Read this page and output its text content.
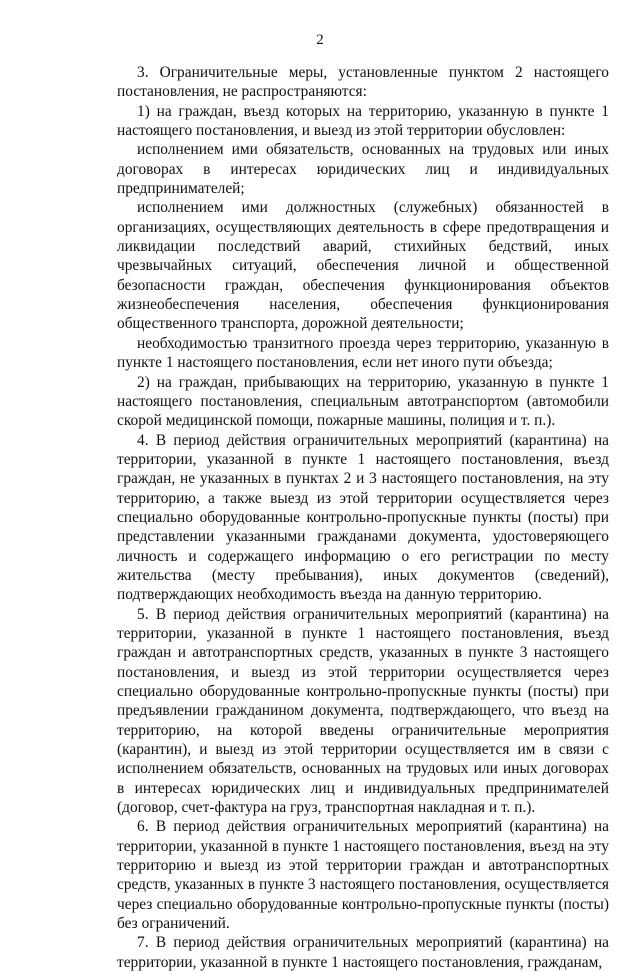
2

3. Ограничительные меры, установленные пунктом 2 настоящего постановления, не распространяются:

1) на граждан, въезд которых на территорию, указанную в пункте 1 настоящего постановления, и выезд из этой территории обусловлен:

исполнением ими обязательств, основанных на трудовых или иных договорах в интересах юридических лиц и индивидуальных предпринимателей;

исполнением ими должностных (служебных) обязанностей в организациях, осуществляющих деятельность в сфере предотвращения и ликвидации последствий аварий, стихийных бедствий, иных чрезвычайных ситуаций, обеспечения личной и общественной безопасности граждан, обеспечения функционирования объектов жизнеобеспечения населения, обеспечения функционирования общественного транспорта, дорожной деятельности;

необходимостью транзитного проезда через территорию, указанную в пункте 1 настоящего постановления, если нет иного пути объезда;

2) на граждан, прибывающих на территорию, указанную в пункте 1 настоящего постановления, специальным автотранспортом (автомобили скорой медицинской помощи, пожарные машины, полиция и т. п.).

4. В период действия ограничительных мероприятий (карантина) на территории, указанной в пункте 1 настоящего постановления, въезд граждан, не указанных в пунктах 2 и 3 настоящего постановления, на эту территорию, а также выезд из этой территории осуществляется через специально оборудованные контрольно-пропускные пункты (посты) при представлении указанными гражданами документа, удостоверяющего личность и содержащего информацию о его регистрации по месту жительства (месту пребывания), иных документов (сведений), подтверждающих необходимость въезда на данную территорию.

5. В период действия ограничительных мероприятий (карантина) на территории, указанной в пункте 1 настоящего постановления, въезд граждан и автотранспортных средств, указанных в пункте 3 настоящего постановления, и выезд из этой территории осуществляется через специально оборудованные контрольно-пропускные пункты (посты) при предъявлении гражданином документа, подтверждающего, что въезд на территорию, на которой введены ограничительные мероприятия (карантин), и выезд из этой территории осуществляется им в связи с исполнением обязательств, основанных на трудовых или иных договорах в интересах юридических лиц и индивидуальных предпринимателей (договор, счет-фактура на груз, транспортная накладная и т. п.).

6. В период действия ограничительных мероприятий (карантина) на территории, указанной в пункте 1 настоящего постановления, въезд на эту территорию и выезд из этой территории граждан и автотранспортных средств, указанных в пункте 3 настоящего постановления, осуществляется через специально оборудованные контрольно-пропускные пункты (посты) без ограничений.

7. В период действия ограничительных мероприятий (карантина) на территории, указанной в пункте 1 настоящего постановления, гражданам,
